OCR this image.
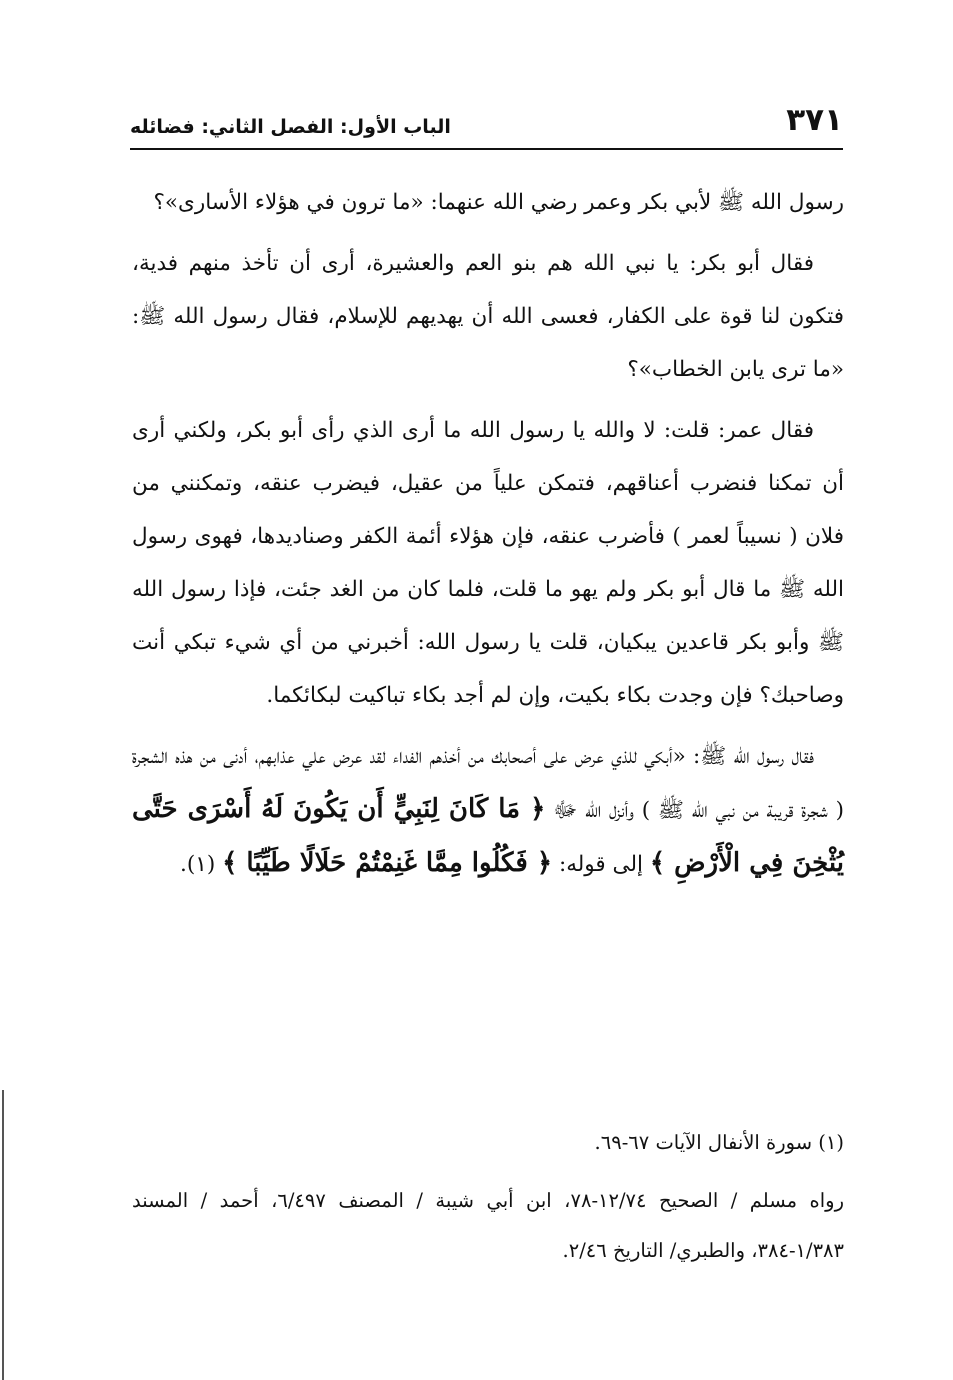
٣٧١
الباب الأول: الفصل الثاني: فضائله

رسول الله ﷺ لأبي بكر وعمر رضي الله عنهما: «ما ترون في هؤلاء الأسارى»؟

فقال أبو بكر: يا نبي الله هم بنو العم والعشيرة، أرى أن تأخذ منهم فدية، فتكون لنا قوة على الكفار، فعسى الله أن يهديهم للإسلام، فقال رسول الله ﷺ: «ما ترى يابن الخطاب»؟

فقال عمر: قلت: لا والله يا رسول الله ما أرى الذي رأى أبو بكر، ولكني أرى أن تمكنا فنضرب أعناقهم، فتمكن علياً من عقيل، فيضرب عنقه، وتمكنني من فلان ( نسيباً لعمر ) فأضرب عنقه، فإن هؤلاء أئمة الكفر وصناديدها، فهوى رسول الله ﷺ ما قال أبو بكر ولم يهو ما قلت، فلما كان من الغد جئت، فإذا رسول الله ﷺ وأبو بكر قاعدين يبكيان، قلت يا رسول الله: أخبرني من أي شيء تبكي أنت وصاحبك؟ فإن وجدت بكاء بكيت، وإن لم أجد بكاء تباكيت لبكائكما.

فقال رسول الله ﷺ: «أبكي للذي عرض على أصحابك من أخذهم الفداء لقد عرض علي عذابهم، أدنى من هذه الشجرة ( شجرة قريبة من نبي الله ﷺ ) وأنزل الله ﷻ ﴿ مَا كَانَ لِنَبِيٍّ أَن يَكُونَ لَهُ أَسْرَى حَتَّى يُثْخِنَ فِي الْأَرْضِ ﴾ إلى قوله: ﴿ فَكُلُوا مِمَّا غَنِمْتُمْ حَلَالًا طَيِّبًا ﴾ (١).

(١) سورة الأنفال الآيات ٦٧-٦٩.

رواه مسلم / الصحيح ١٢/٧٤-٧٨، ابن أبي شيبة / المصنف ٦/٤٩٧، أحمد / المسند ١/٣٨٣-٣٨٤، والطبري/ التاريخ ٢/٤٦.
